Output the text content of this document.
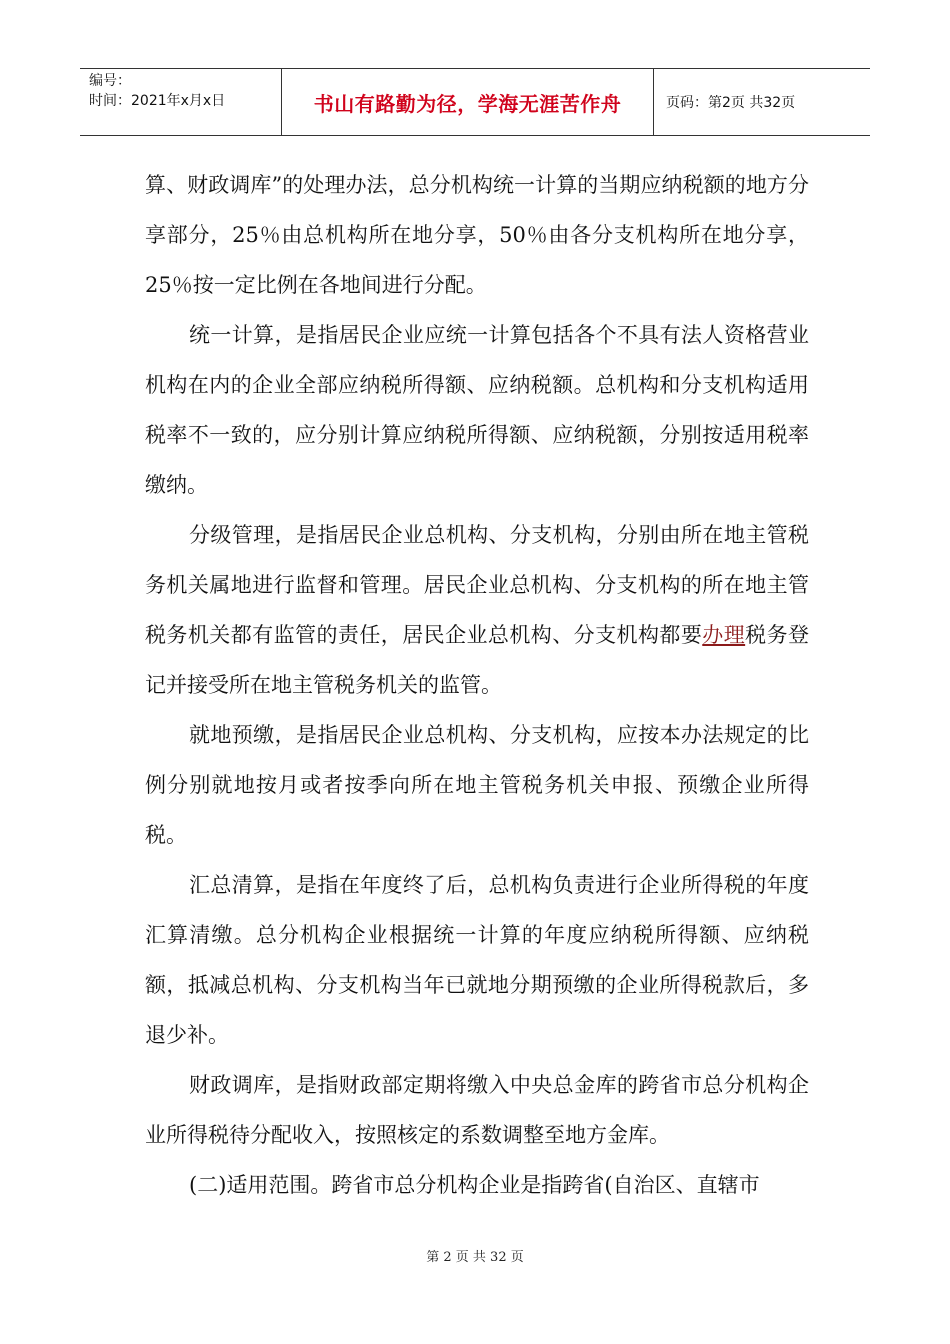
编号：
时间：2021年x月x日	书山有路勤为径，学海无涯苦作舟	页码：第2页 共32页

算、财政调库”的处理办法，总分机构统一计算的当期应纳税额的地方分享部分，25％由总机构所在地分享，50％由各分支机构所在地分享，25％按一定比例在各地间进行分配。

统一计算，是指居民企业应统一计算包括各个不具有法人资格营业机构在内的企业全部应纳税所得额、应纳税额。总机构和分支机构适用税率不一致的，应分别计算应纳税所得额、应纳税额，分别按适用税率缴纳。

分级管理，是指居民企业总机构、分支机构，分别由所在地主管税务机关属地进行监督和管理。居民企业总机构、分支机构的所在地主管税务机关都有监管的责任，居民企业总机构、分支机构都要办理税务登记并接受所在地主管税务机关的监管。

就地预缴，是指居民企业总机构、分支机构，应按本办法规定的比例分别就地按月或者按季向所在地主管税务机关申报、预缴企业所得税。

汇总清算，是指在年度终了后，总机构负责进行企业所得税的年度汇算清缴。总分机构企业根据统一计算的年度应纳税所得额、应纳税额，抵减总机构、分支机构当年已就地分期预缴的企业所得税款后，多退少补。

财政调库，是指财政部定期将缴入中央总金库的跨省市总分机构企业所得税待分配收入，按照核定的系数调整至地方金库。

(二)适用范围。跨省市总分机构企业是指跨省(自治区、直辖市

第 2 页 共 32 页
